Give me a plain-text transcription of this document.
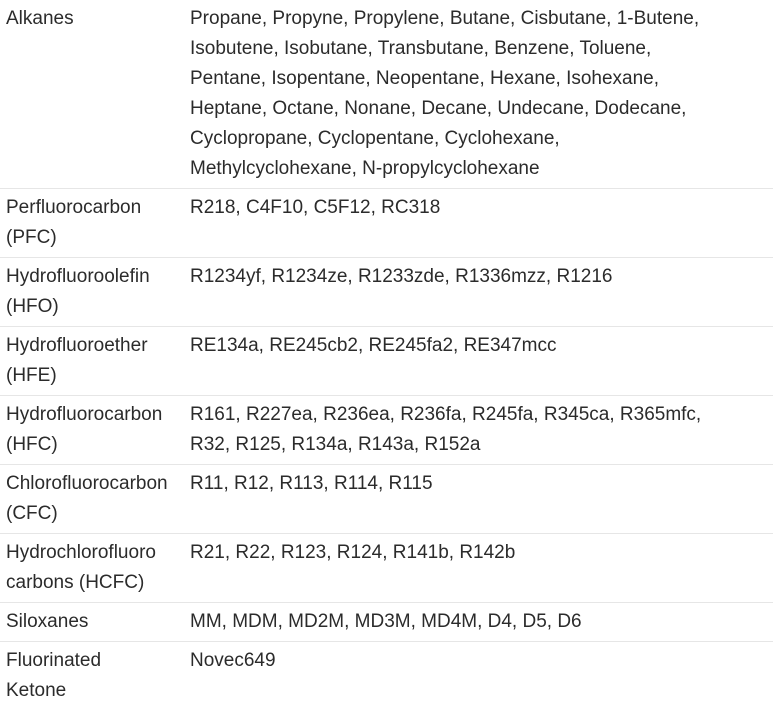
Alkanes	Propane, Propyne, Propylene, Butane, Cisbutane, 1-Butene,
Isobutene, Isobutane, Transbutane, Benzene, Toluene,
Pentane, Isopentane, Neopentane, Hexane, Isohexane,
Heptane, Octane, Nonane, Decane, Undecane, Dodecane,
Cyclopropane, Cyclopentane, Cyclohexane,
Methylcyclohexane, N-propylcyclohexane
Perfluorocarbon
(PFC)
R218, C4F10, C5F12, RC318
Hydrofluoroolefin
(HFO)
R1234yf, R1234ze, R1233zde, R1336mzz, R1216
Hydrofluoroether
(HFE)
RE134a, RE245cb2, RE245fa2, RE347mcc
Hydrofluorocarbon
(HFC)
R161, R227ea, R236ea, R236fa, R245fa, R345ca, R365mfc,
R32, R125, R134a, R143a, R152a
Chlorofluorocarbon
(CFC)
R11, R12, R113, R114, R115
Hydrochlorofluoro
carbons (HCFC)
R21, R22, R123, R124, R141b, R142b
Siloxanes	MM, MDM, MD2M, MD3M, MD4M, D4, D5, D6
Fluorinated
Ketone
Novec649
